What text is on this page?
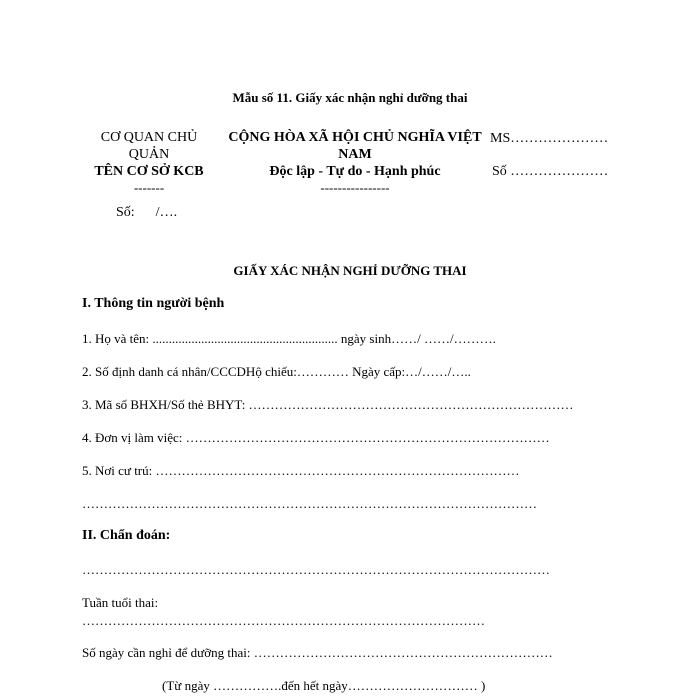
Mẫu số 11. Giấy xác nhận nghỉ dưỡng thai
CƠ QUAN CHỦ
QUẢN
TÊN CƠ SỞ KCB
-------
Số:      /….
CỘNG HÒA XÃ HỘI CHỦ NGHĨA VIỆT
NAM
Độc lập - Tự do - Hạnh phúc
----------------
MS…………………
Số …………………
GIẤY XÁC NHẬN NGHỈ DƯỠNG THAI
I. Thông tin người bệnh
1. Họ và tên: ......................................................... ngày sinh……/ ……/……….
2. Số định danh cá nhân/CCCDHộ chiếu:………… Ngày cấp:…/……/…..
3. Mã số BHXH/Số thẻ BHYT: …………………………………………………………………
4. Đơn vị làm việc: …………………………………………………………………………
5. Nơi cư trú: …………………………………………………………………………
……………………………………………………………………………………………
II. Chẩn đoán:
………………………………………………………………………………………………
Tuần tuổi thai:
…………………………………………………………………………………
Số ngày cần nghỉ để dưỡng thai: ……………………………………………………………
(Từ ngày …………….đến hết ngày………………………… )
